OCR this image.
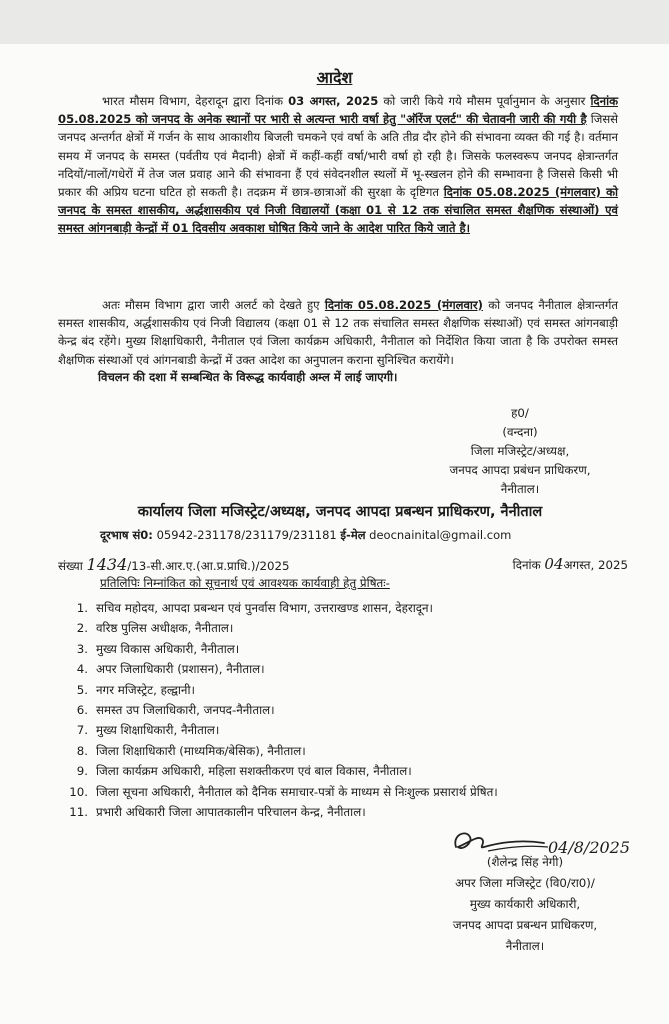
आदेश
भारत मौसम विभाग, देहरादून द्वारा दिनांक 03 अगस्त, 2025 को जारी किये गये मौसम पूर्वानुमान के अनुसार दिनांक 05.08.2025 को जनपद के अनेक स्थानों पर भारी से अत्यन्त भारी वर्षा हेतु "ऑरेंज एलर्ट" की चेतावनी जारी की गयी है जिससे जनपद अन्तर्गत क्षेत्रों में गर्जन के साथ आकाशीय बिजली चमकने एवं वर्षा के अति तीव्र दौर होने की संभावना व्यक्त की गई है। वर्तमान समय में जनपद के समस्त (पर्वतीय एवं मैदानी) क्षेत्रों में कहीं-कहीं वर्षा/भारी वर्षा हो रही है। जिसके फलस्वरूप जनपद क्षेत्रान्तर्गत नदियों/नालों/गधेरों में तेज जल प्रवाह आने की संभावना हैं एवं संवेदनशील स्थलों में भू-स्खलन होने की सम्भावना है जिससे किसी भी प्रकार की अप्रिय घटना घटित हो सकती है। तदक्रम में छात्र-छात्राओं की सुरक्षा के दृष्टिगत दिनांक 05.08.2025 (मंगलवार) को जनपद के समस्त शासकीय, अर्द्धशासकीय एवं निजी विद्यालयों (कक्षा 01 से 12 तक संचालित समस्त शैक्षणिक संस्थाओं) एवं समस्त आंगनबाड़ी केन्द्रों में 01 दिवसीय अवकाश घोषित किये जाने के आदेश पारित किये जाते है।
अतः मौसम विभाग द्वारा जारी अलर्ट को देखते हुए दिनांक 05.08.2025 (मंगलवार) को जनपद नैनीताल क्षेत्रान्तर्गत समस्त शासकीय, अर्द्धशासकीय एवं निजी विद्यालय (कक्षा 01 से 12 तक संचालित समस्त शैक्षणिक संस्थाओं) एवं समस्त आंगनबाड़ी केन्द्र बंद रहेंगे। मुख्य शिक्षाधिकारी, नैनीताल एवं जिला कार्यक्रम अधिकारी, नैनीताल को निर्देशित किया जाता है कि उपरोक्त समस्त शैक्षणिक संस्थाओं एवं आंगनबाडी केन्द्रों में उक्त आदेश का अनुपालन कराना सुनिश्चित करायेंगे।
विचलन की दशा में सम्बन्धित के विरूद्ध कार्यवाही अम्ल में लाई जाएगी।
ह0/
(वन्दना)
जिला मजिस्ट्रेट/अध्यक्ष,
जनपद आपदा प्रबंधन प्राधिकरण,
नैनीताल।
कार्यालय जिला मजिस्ट्रेट/अध्यक्ष, जनपद आपदा प्रबन्धन प्राधिकरण, नैनीताल
दूरभाष सं0: 05942-231178/231179/231181 ई-मेल deocnainital@gmail.com
संख्या 1434/13-सी.आर.ए.(आ.प्र.प्राधि.)/2025	दिनांक 04अगस्त, 2025
प्रतिलिपिः निम्नांकित को सूचनार्थ एवं आवश्यक कार्यवाही हेतु प्रेषितः-
1. सचिव महोदय, आपदा प्रबन्धन एवं पुनर्वास विभाग, उत्तराखण्ड शासन, देहरादून।
2. वरिष्ठ पुलिस अधीक्षक, नैनीताल।
3. मुख्य विकास अधिकारी, नैनीताल।
4. अपर जिलाधिकारी (प्रशासन), नैनीताल।
5. नगर मजिस्ट्रेट, हल्द्वानी।
6. समस्त उप जिलाधिकारी, जनपद-नैनीताल।
7. मुख्य शिक्षाधिकारी, नैनीताल।
8. जिला शिक्षाधिकारी (माध्यमिक/बेसिक), नैनीताल।
9. जिला कार्यक्रम अधिकारी, महिला सशक्तीकरण एवं बाल विकास, नैनीताल।
10. जिला सूचना अधिकारी, नैनीताल को दैनिक समाचार-पत्रों के माध्यम से निःशुल्क प्रसारार्थ प्रेषित।
11. प्रभारी अधिकारी जिला आपातकालीन परिचालन केन्द्र, नैनीताल।
04/8/2025
(शैलेन्द्र सिंह नेगी)
अपर जिला मजिस्ट्रेट (वि0/रा0)/
मुख्य कार्यकारी अधिकारी,
जनपद आपदा प्रबन्धन प्राधिकरण,
नैनीताल।
